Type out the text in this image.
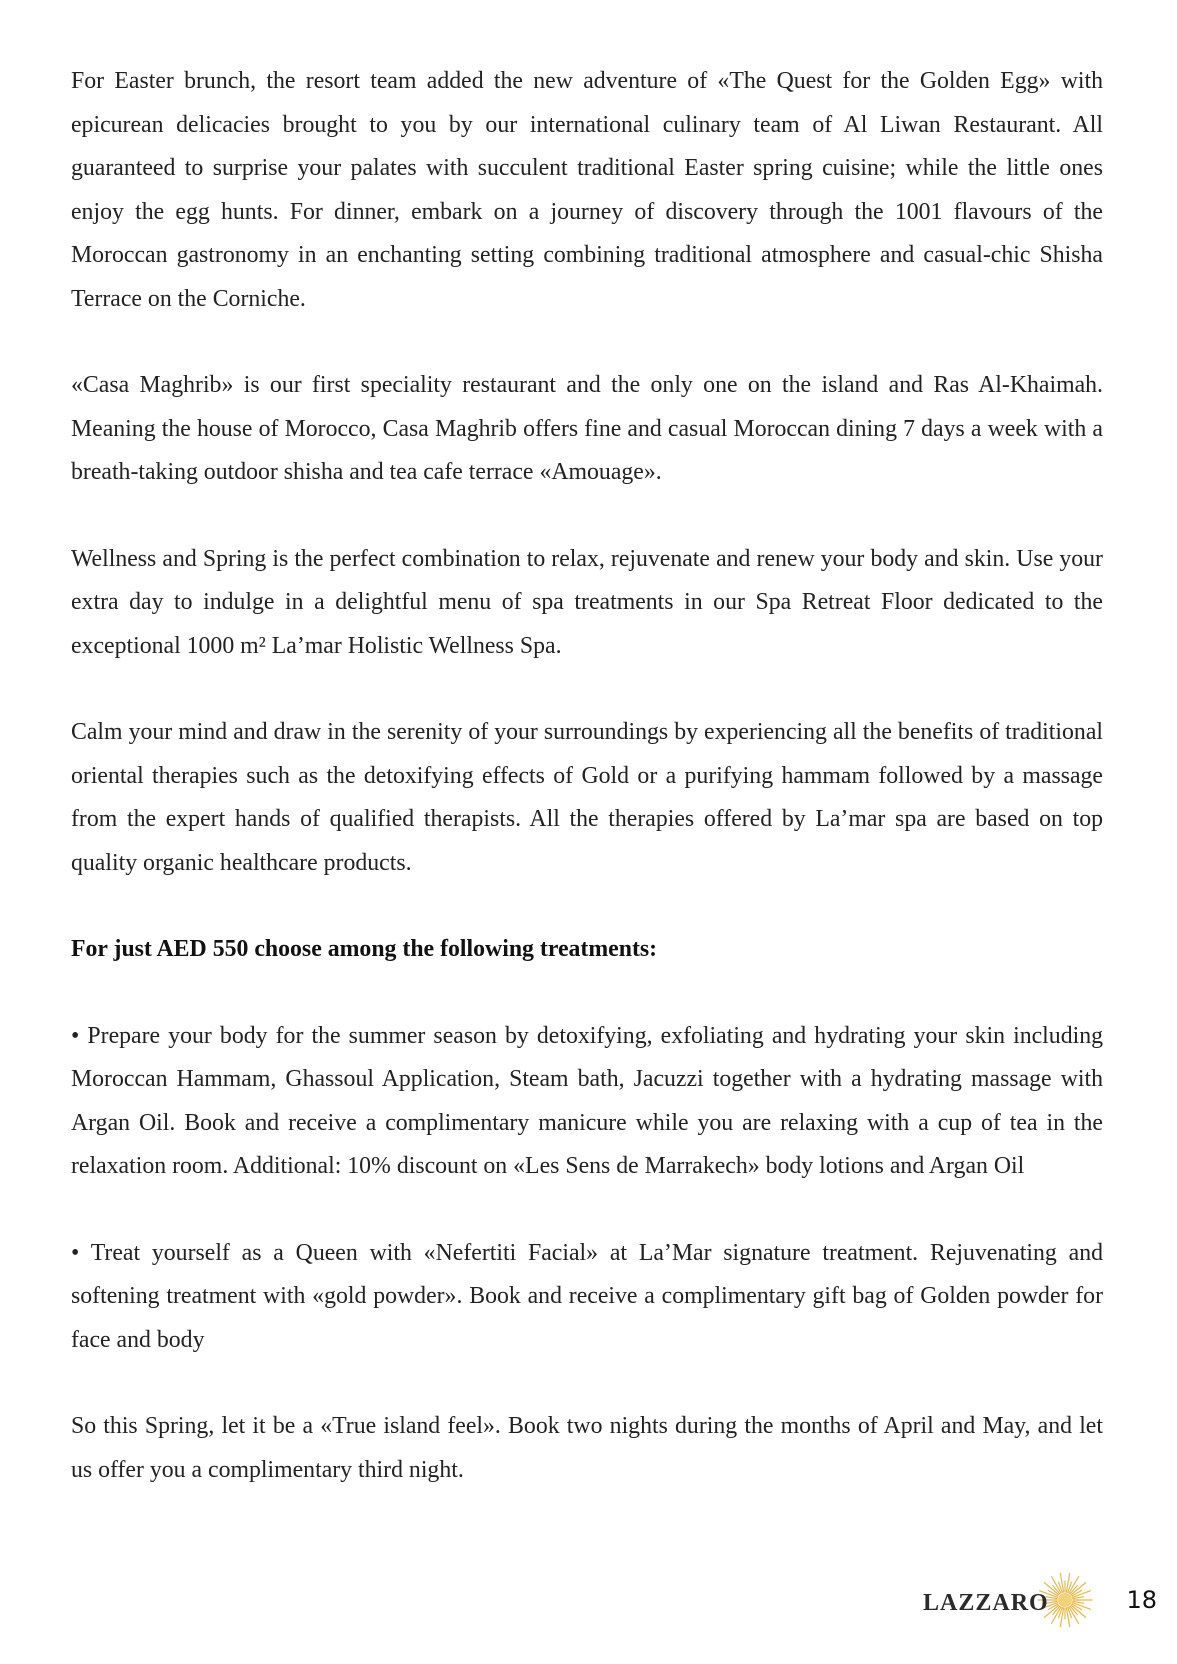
For Easter brunch, the resort team added the new adventure of «The Quest for the Golden Egg» with epicurean delicacies brought to you by our international culinary team of Al Liwan Restaurant. All guaranteed to surprise your palates with succulent traditional Easter spring cuisine; while the little ones enjoy the egg hunts. For dinner, embark on a journey of discovery through the 1001 flavours of the Moroccan gastronomy in an enchanting setting combining traditional atmosphere and casual-chic Shisha Terrace on the Corniche.

«Casa Maghrib» is our first speciality restaurant and the only one on the island and Ras Al-Khaimah. Meaning the house of Morocco, Casa Maghrib offers fine and casual Moroccan dining 7 days a week with a breath-taking outdoor shisha and tea cafe terrace «Amouage».

Wellness and Spring is the perfect combination to relax, rejuvenate and renew your body and skin. Use your extra day to indulge in a delightful menu of spa treatments in our Spa Retreat Floor dedicated to the exceptional 1000 m² La’mar Holistic Wellness Spa.

Calm your mind and draw in the serenity of your surroundings by experiencing all the benefits of traditional oriental therapies such as the detoxifying effects of Gold or a purifying hammam followed by a massage from the expert hands of qualified therapists. All the therapies offered by La’mar spa are based on top quality organic healthcare products.

For just AED 550 choose among the following treatments:

• Prepare your body for the summer season by detoxifying, exfoliating and hydrating your skin including Moroccan Hammam, Ghassoul Application, Steam bath, Jacuzzi together with a hydrating massage with Argan Oil. Book and receive a complimentary manicure while you are relaxing with a cup of tea in the relaxation room. Additional: 10% discount on «Les Sens de Marrakech» body lotions and Argan Oil

• Treat yourself as a Queen with «Nefertiti Facial» at La’Mar signature treatment. Rejuvenating and softening treatment with «gold powder». Book and receive a complimentary gift bag of Golden powder for face and body

So this Spring, let it be a «True island feel». Book two nights during the months of April and May, and let us offer you a complimentary third night.

LAZZARO	18
